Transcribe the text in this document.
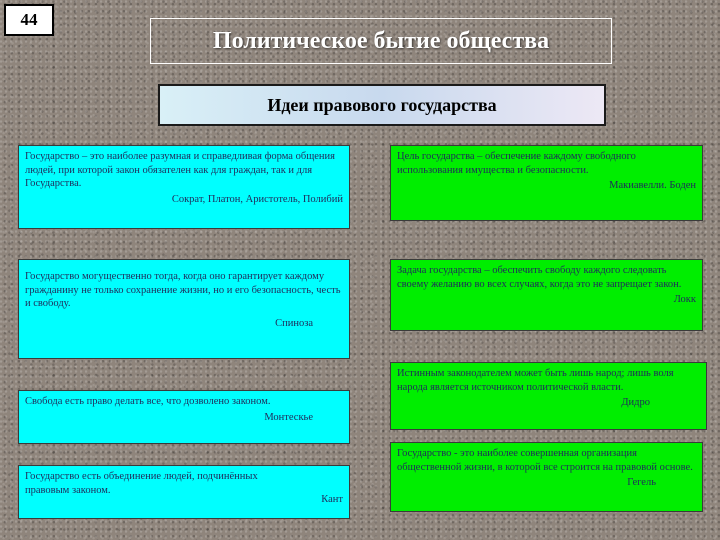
44
Политическое бытие общества
Идеи правового государства
Государство – это наиболее разумная и справедливая форма общения людей, при которой закон обязателен как для граждан, так и для Государства.
Сократ, Платон, Аристотель, Полибий
Государство могущественно тогда, когда оно гарантирует каждому гражданину не только сохранение жизни, но и его безопасность, честь и свободу.
Спиноза
Свобода есть право делать все, что дозволено законом.
Монтескье
Государство есть объединение людей, подчинённых правовым законом.
Кант
Цель государства – обеспечение каждому свободного использования имущества и безопасности.
Макиавелли. Боден
Задача государства – обеспечить свободу каждого следовать своему желанию во всех случаях, когда это не запрещает закон.
Локк
Истинным законодателем может быть лишь народ; лишь воля народа является источником политической власти.
Дидро
Государство - это наиболее совершенная организация общественной жизни, в которой все строится на правовой основе.
Гегель
